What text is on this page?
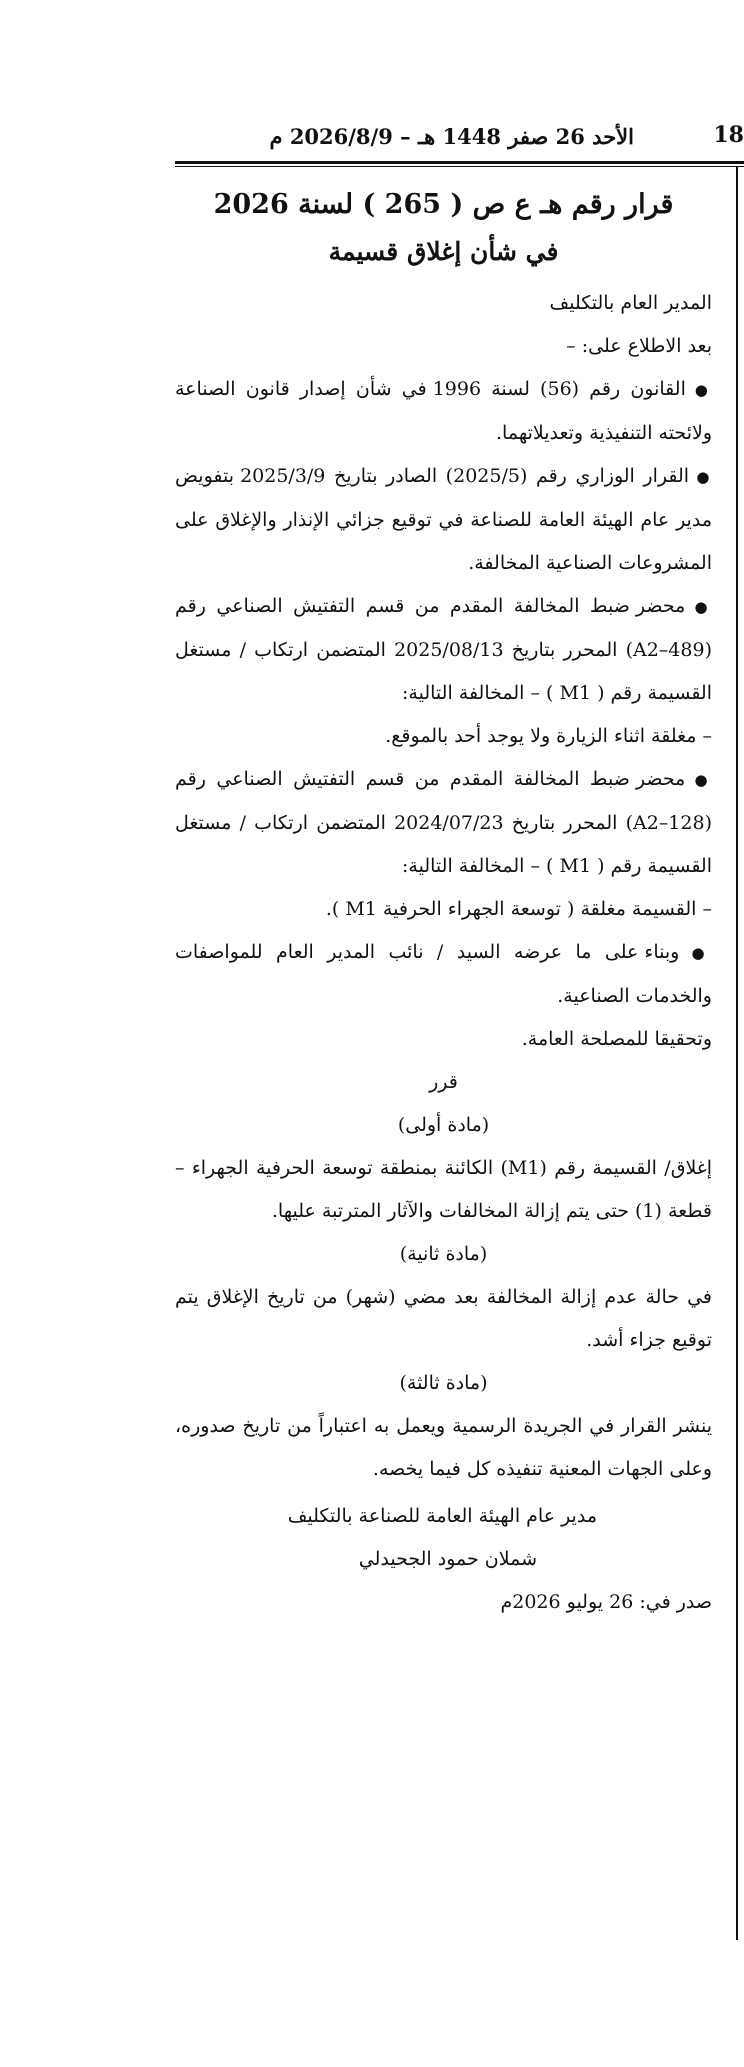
18
الأحد 26 صفر 1448 هـ – 2026/8/9 م

قرار رقم هـ ع ص ( 265 ) لسنة 2026

في شأن إغلاق قسيمة

المدير العام بالتكليف

بعد الاطلاع على: –

● القانون رقم (56) لسنة 1996 في شأن إصدار قانون الصناعة ولائحته التنفيذية وتعديلاتهما.

● القرار الوزاري رقم (2025/5) الصادر بتاريخ 2025/3/9 بتفويض مدير عام الهيئة العامة للصناعة في توقيع جزائي الإنذار والإغلاق على المشروعات الصناعية المخالفة.

● محضر ضبط المخالفة المقدم من قسم التفتيش الصناعي رقم (A2–489) المحرر بتاريخ 2025/08/13 المتضمن ارتكاب / مستغل القسيمة رقم ( M1 ) – المخالفة التالية:

– مغلقة اثناء الزيارة ولا يوجد أحد بالموقع.

● محضر ضبط المخالفة المقدم من قسم التفتيش الصناعي رقم (A2–128) المحرر بتاريخ 2024/07/23 المتضمن ارتكاب / مستغل القسيمة رقم ( M1 ) – المخالفة التالية:

– القسيمة مغلقة ( توسعة الجهراء الحرفية M1 ).

● وبناء على ما عرضه السيد / نائب المدير العام للمواصفات والخدمات الصناعية.

وتحقيقا للمصلحة العامة.

قرر

(مادة أولى)

إغلاق/ القسيمة رقم (M1) الكائنة بمنطقة توسعة الحرفية الجهراء – قطعة (1) حتى يتم إزالة المخالفات والآثار المترتبة عليها.

(مادة ثانية)

في حالة عدم إزالة المخالفة بعد مضي (شهر) من تاريخ الإغلاق يتم توقيع جزاء أشد.

(مادة ثالثة)

ينشر القرار في الجريدة الرسمية ويعمل به اعتباراً من تاريخ صدوره، وعلى الجهات المعنية تنفيذه كل فيما يخصه.

مدير عام الهيئة العامة للصناعة بالتكليف

شملان حمود الجحيدلي

صدر في: 26 يوليو 2026م
